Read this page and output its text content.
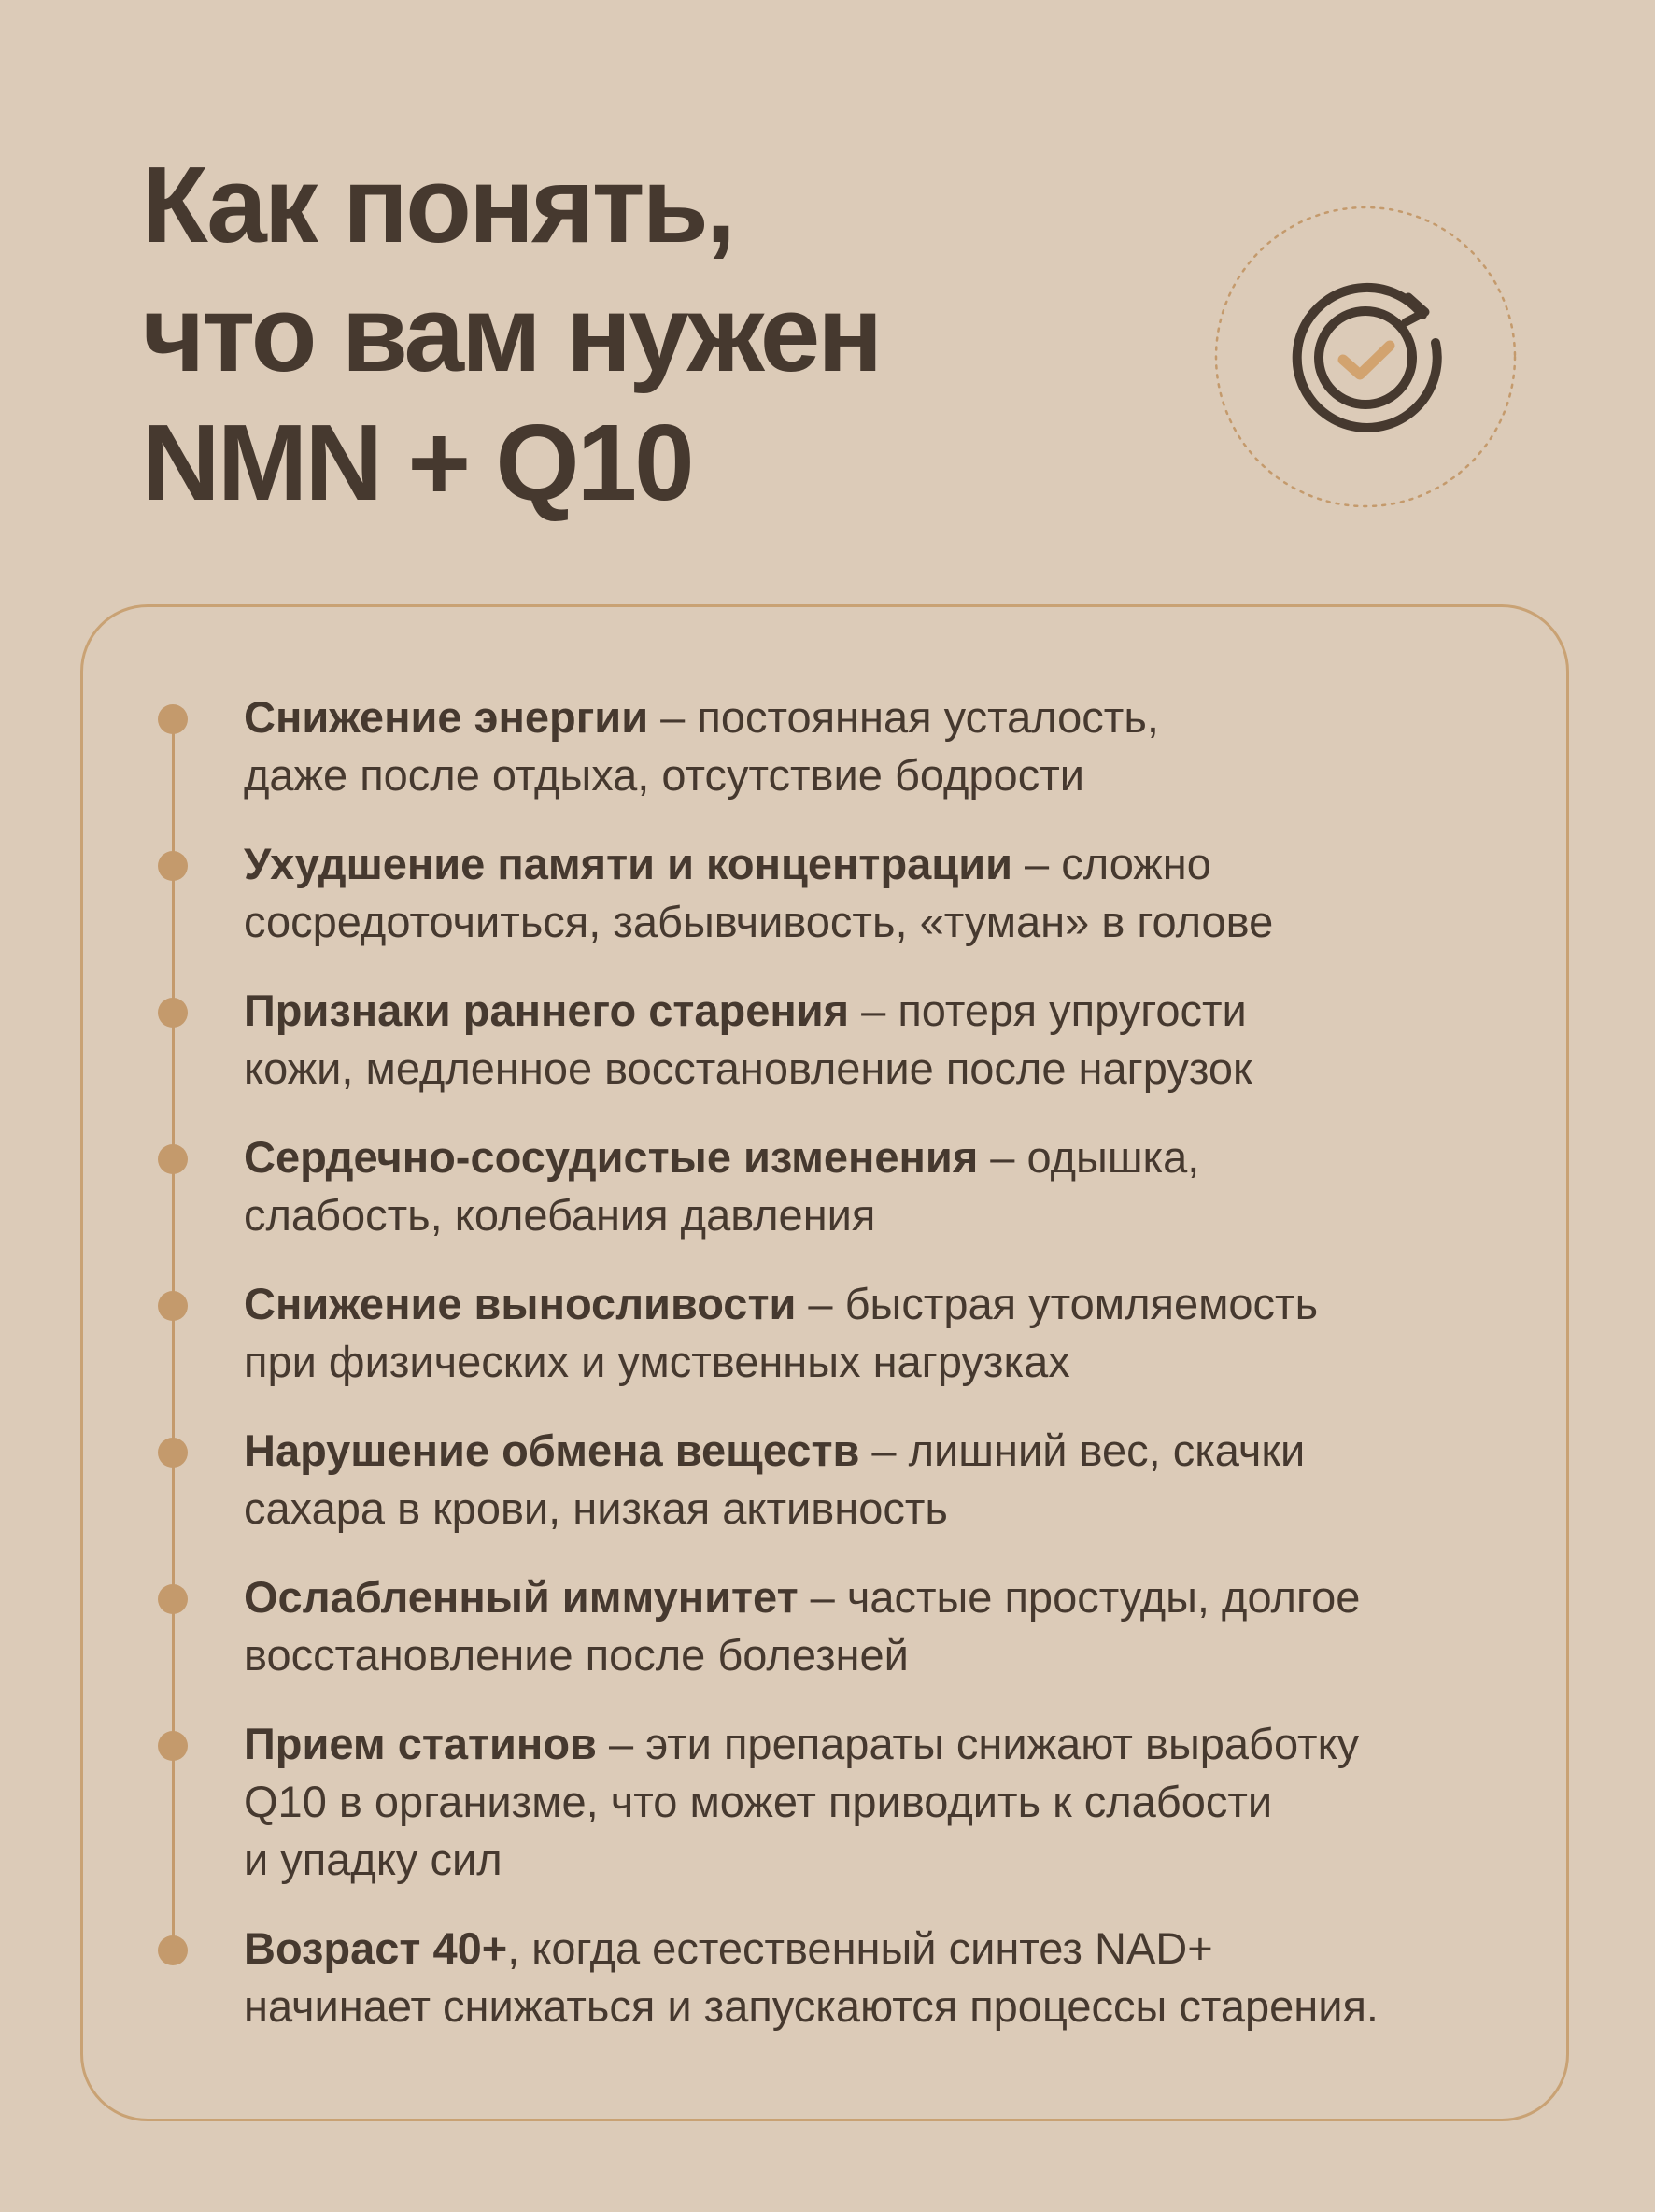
Как понять,
что вам нужен
NMN + Q10

Снижение энергии – постоянная усталость,
даже после отдыха, отсутствие бодрости

Ухудшение памяти и концентрации – сложно
сосредоточиться, забывчивость, «туман» в голове

Признаки раннего старения – потеря упругости
кожи, медленное восстановление после нагрузок

Сердечно-сосудистые изменения – одышка,
слабость, колебания давления

Снижение выносливости – быстрая утомляемость
при физических и умственных нагрузках

Нарушение обмена веществ – лишний вес, скачки
сахара в крови, низкая активность

Ослабленный иммунитет – частые простуды, долгое
восстановление после болезней

Прием статинов – эти препараты снижают выработку
Q10 в организме, что может приводить к слабости
и упадку сил

Возраст 40+, когда естественный синтез NAD+
начинает снижаться и запускаются процессы старения.
